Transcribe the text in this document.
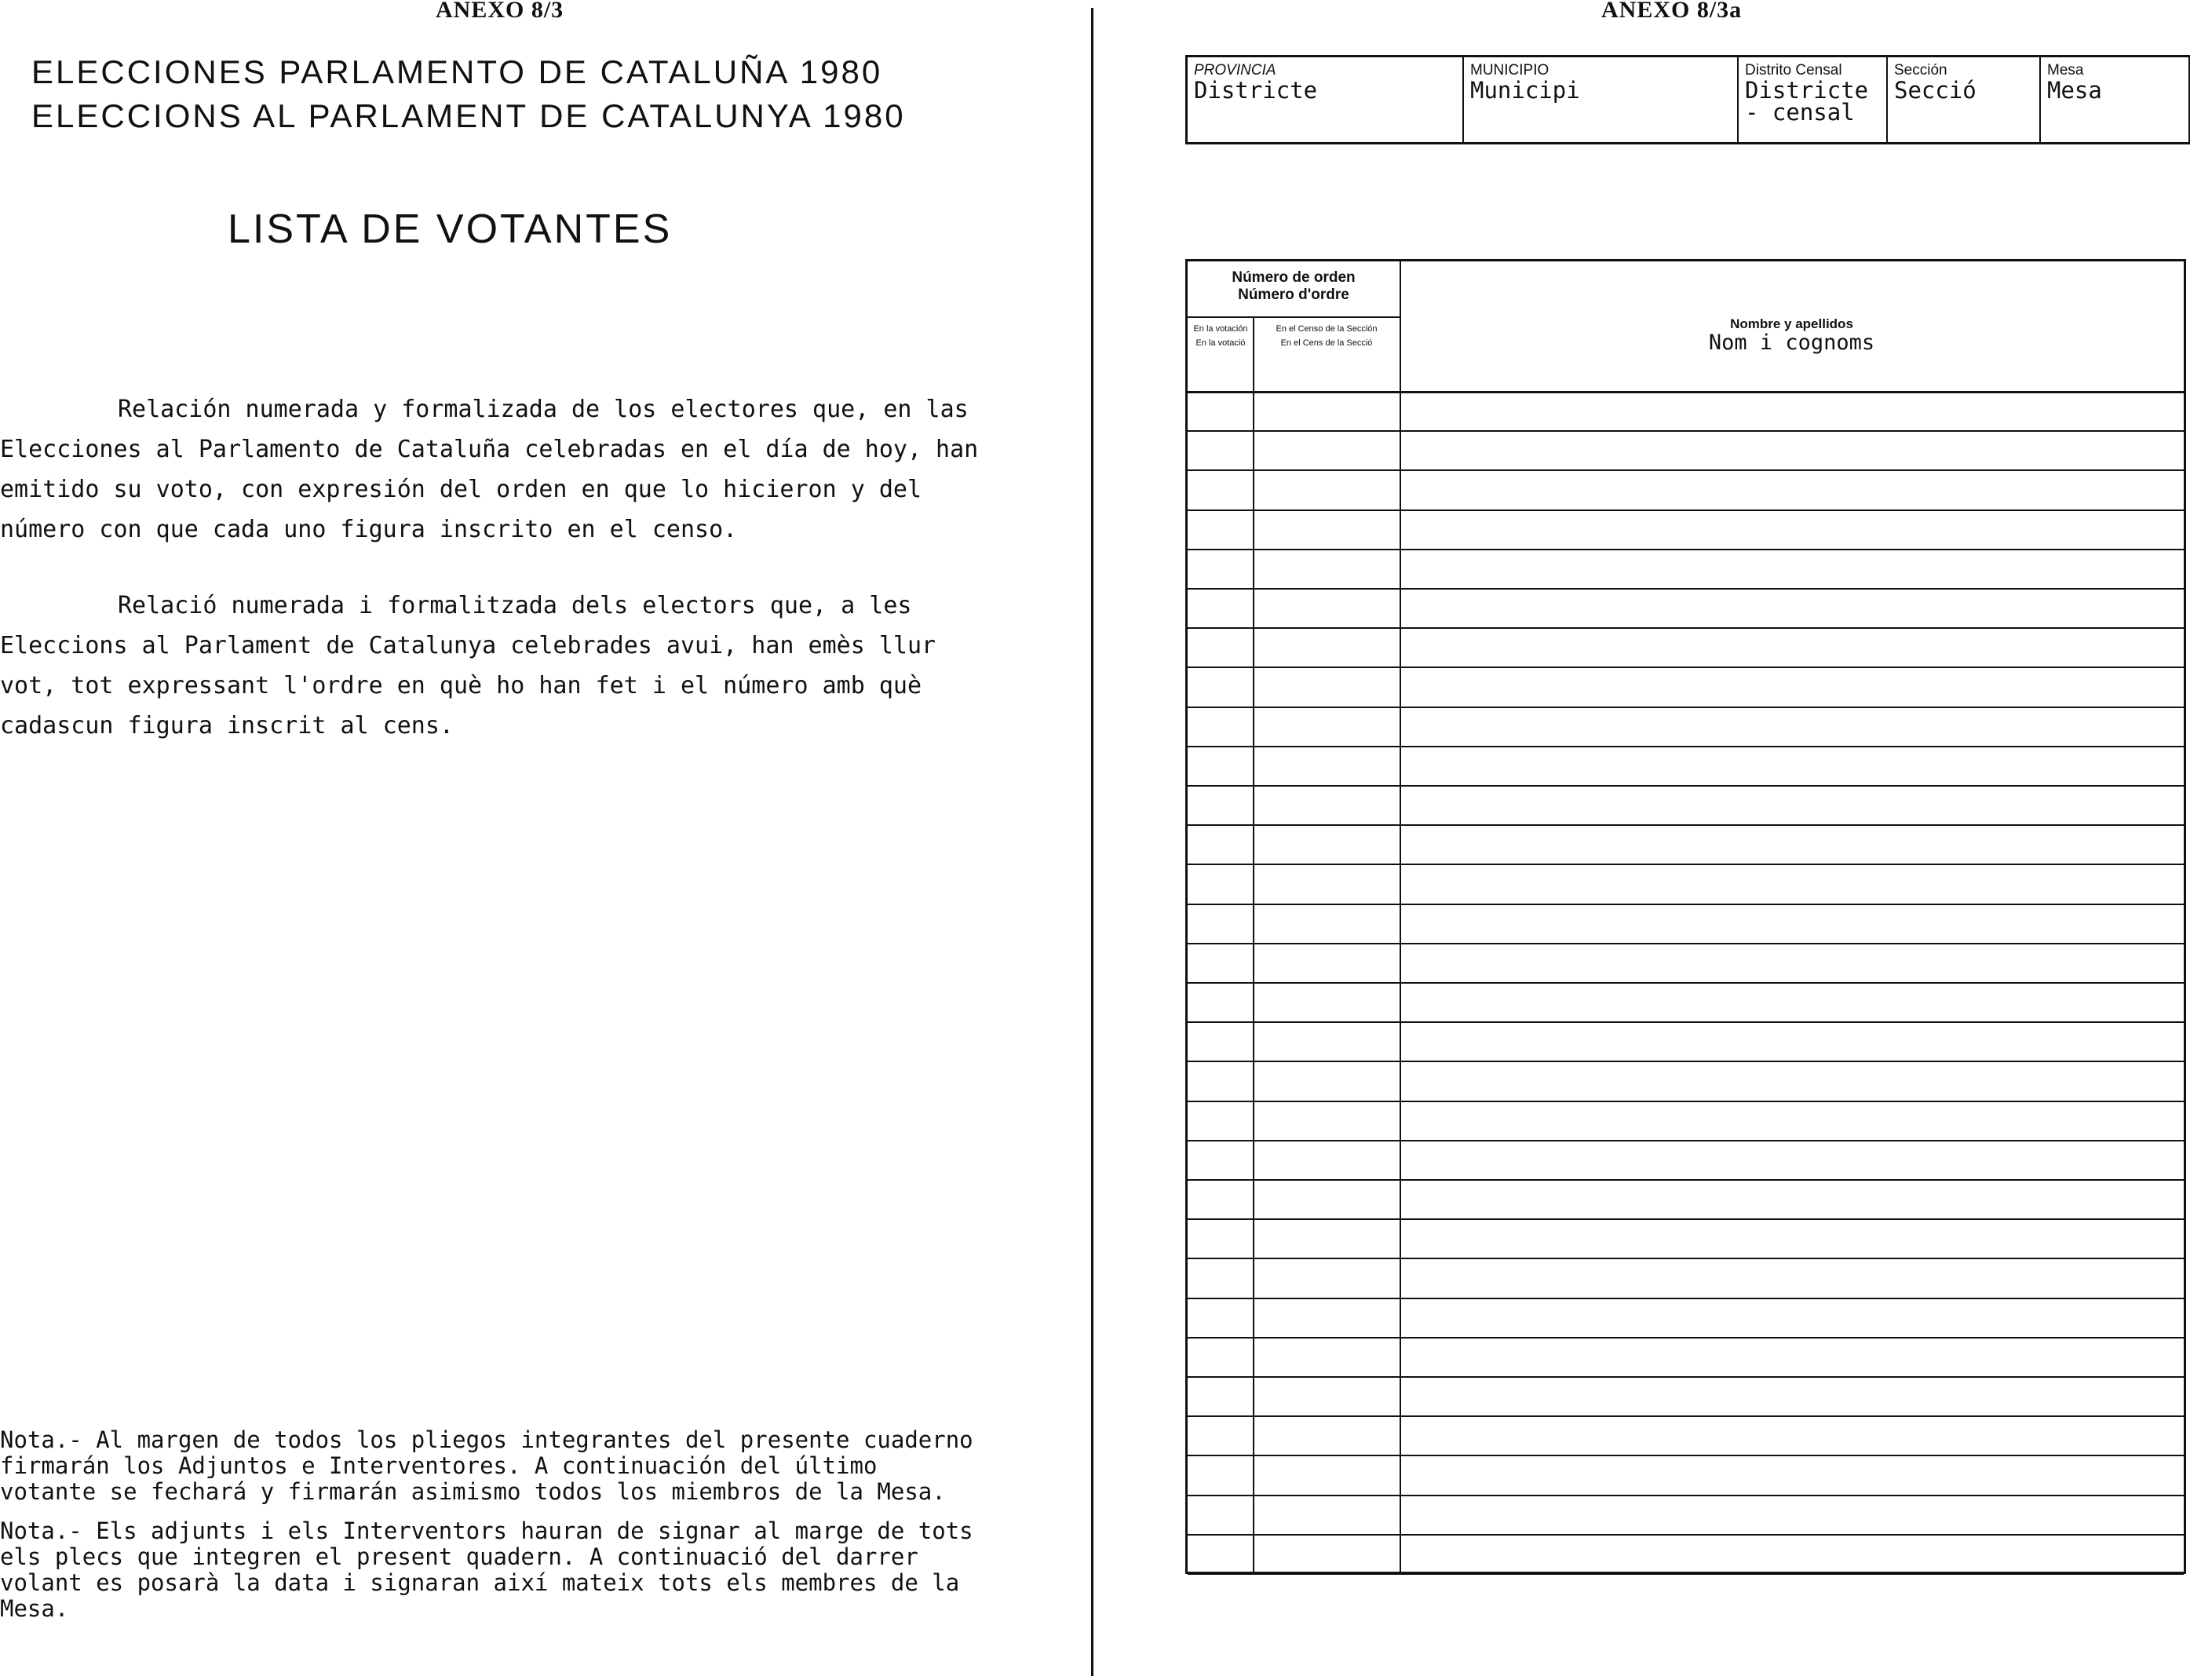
ANEXO 8/3
ELECCIONES PARLAMENTO DE CATALUÑA 1980
ELECCIONS AL PARLAMENT DE CATALUNYA 1980
LISTA DE VOTANTES

Relación numerada y formalizada de los electores que, en las Elecciones al Parlamento de Cataluña celebradas en el día de hoy, han emitido su voto, con expresión del orden en que lo hicieron y del número con que cada uno figura inscrito en el censo.

Relació numerada i formalitzada dels electors que, a les Eleccions al Parlament de Catalunya celebrades avui, han emès llur vot, tot expressant l'ordre en què ho han fet i el número amb què cadascun figura inscrit al cens.

Nota.- Al margen de todos los pliegos integrantes del presente cuaderno firmarán los Adjuntos e Interventores. A continuación del último votante se fechará y firmarán asimismo todos los miembros de la Mesa.

Nota.- Els adjunts i els Interventors hauran de signar al marge de tots els plecs que integren el present quadern. A continuació del darrer volant es posarà la data i signaran així mateix tots els membres de la Mesa.

ANEXO 8/3a
PROVINCIA
Districte
MUNICIPIO
Municipi
Distrito Censal
Districte - censal
Sección
Secció
Mesa
Mesa
Número de orden
Número d'ordre
En la votación
En la votació
En el Censo de la Sección
En el Cens de la Secció
Nombre y apellidos
Nom i cognoms
